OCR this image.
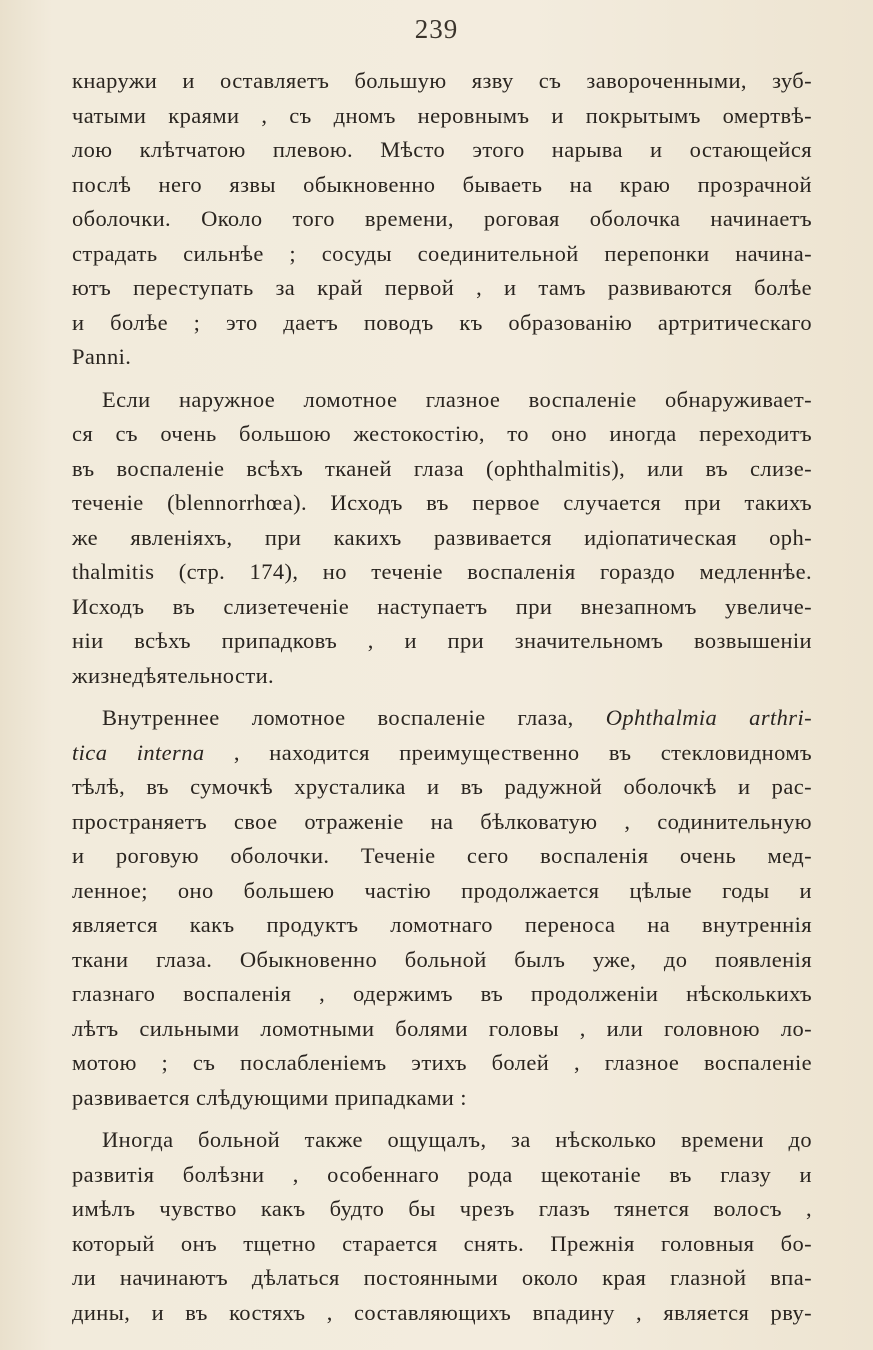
239
кнаружи и оставляетъ большую язву съ завороченными, зуб-
чатыми краями , съ дномъ неровнымъ и покрытымъ омертвѣ-
лою клѣтчатою плевою. Мѣсто этого нарыва и остающейся
послѣ него язвы обыкновенно бываеть на краю прозрачной
оболочки. Около того времени, роговая оболочка начинаетъ
страдать сильнѣе ; сосуды соединительной перепонки начина-
ютъ переступать за край первой , и тамъ развиваются болѣе
и болѣе ; это даетъ поводъ къ образованію артритическаго
Panni.
Если наружное ломотное глазное воспаленіе обнаруживает-
ся съ очень большою жестокостію, то оно иногда переходитъ
въ воспаленіе всѣхъ тканей глаза (ophthalmitis), или въ слизе-
теченіе (blennorrhœa). Исходъ въ первое случается при такихъ
же явленіяхъ, при какихъ развивается идіопатическая oph-
thalmitis (стр. 174), но теченіе воспаленія гораздо медленнѣе.
Исходъ въ слизетеченіе наступаетъ при внезапномъ увеличе-
ніи всѣхъ припадковъ , и при значительномъ возвышеніи
жизнедѣятельности.
Внутреннее ломотное воспаленіе глаза, Ophthalmia arthri-
tica interna , находится преимущественно въ стекловидномъ
тѣлѣ, въ сумочкѣ хрусталика и въ радужной оболочкѣ и рас-
пространяетъ свое отраженіе на бѣлковатую , содинительную
и роговую оболочки. Теченіе сего воспаленія очень мед-
ленное; оно большею частію продолжается цѣлые годы и
является какъ продуктъ ломотнаго переноса на внутреннія
ткани глаза. Обыкновенно больной былъ уже, до появленія
глазнаго воспаленія , одержимъ въ продолженіи нѣсколькихъ
лѣтъ сильными ломотными болями головы , или головною ло-
мотою ; съ послабленіемъ этихъ болей , глазное воспаленіе
развивается слѣдующими припадками :
Иногда больной также ощущалъ, за нѣсколько времени до
развитія болѣзни , особеннаго рода щекотаніе въ глазу и
имѣлъ чувство какъ будто бы чрезъ глазъ тянется волосъ ,
который онъ тщетно старается снять. Прежнія головныя бо-
ли начинаютъ дѣлаться постоянными около края глазной впа-
дины, и въ костяхъ , составляющихъ впадину , является рву-
